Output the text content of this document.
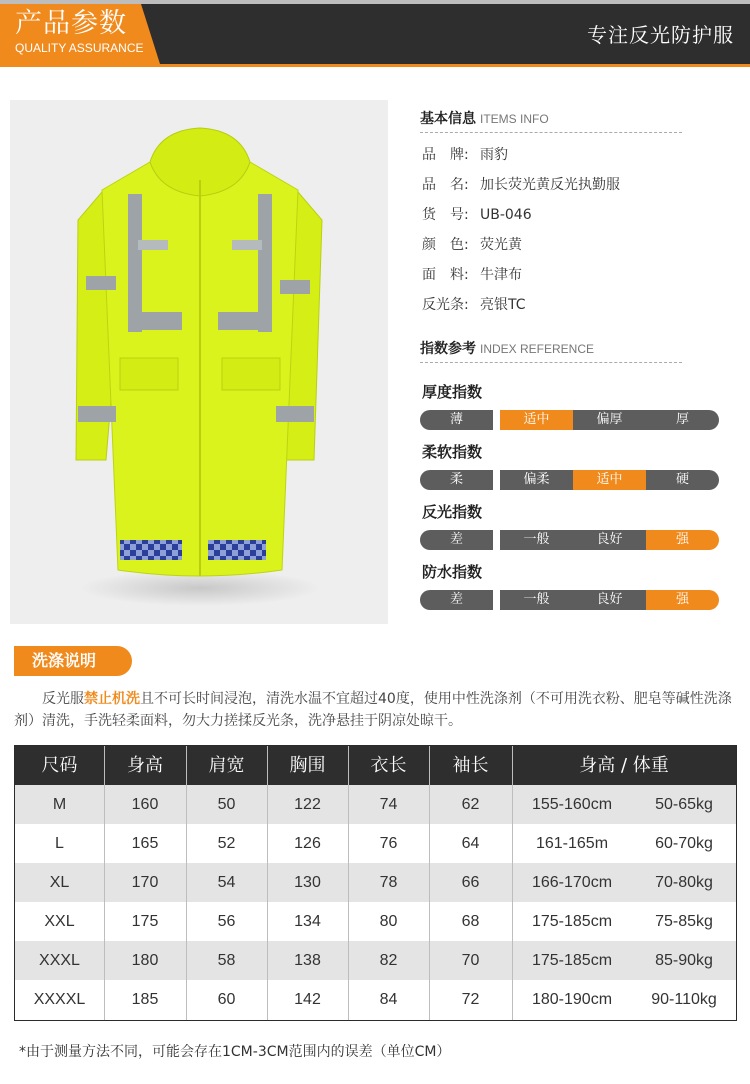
产品参数
QUALITY ASSURANCE
专注反光防护服
基本信息 ITEMS INFO
品　牌: 雨豹
品　名: 加长荧光黄反光执勤服
货　号: UB-046
颜　色: 荧光黄
面　料: 牛津布
反光条: 亮银TC
指数参考 INDEX REFERENCE
厚度指数
薄	适中	偏厚	厚
柔软指数
柔	偏柔	适中	硬
反光指数
差	一般	良好	强
防水指数
差	一般	良好	强
洗涤说明
反光服禁止机洗且不可长时间浸泡，清洗水温不宜超过40度，使用中性洗涤剂（不可用洗衣粉、肥皂等碱性洗涤剂）清洗，手洗轻柔面料，勿大力搓揉反光条，洗净悬挂于阴凉处晾干。
尺码	身高	肩宽	胸围	衣长	袖长	身高 / 体重
M	160	50	122	74	62	155-160cm	50-65kg
L	165	52	126	76	64	161-165m	60-70kg
XL	170	54	130	78	66	166-170cm	70-80kg
XXL	175	56	134	80	68	175-185cm	75-85kg
XXXL	180	58	138	82	70	175-185cm	85-90kg
XXXXL	185	60	142	84	72	180-190cm	90-110kg
*由于测量方法不同，可能会存在1CM-3CM范围内的误差（单位CM）
